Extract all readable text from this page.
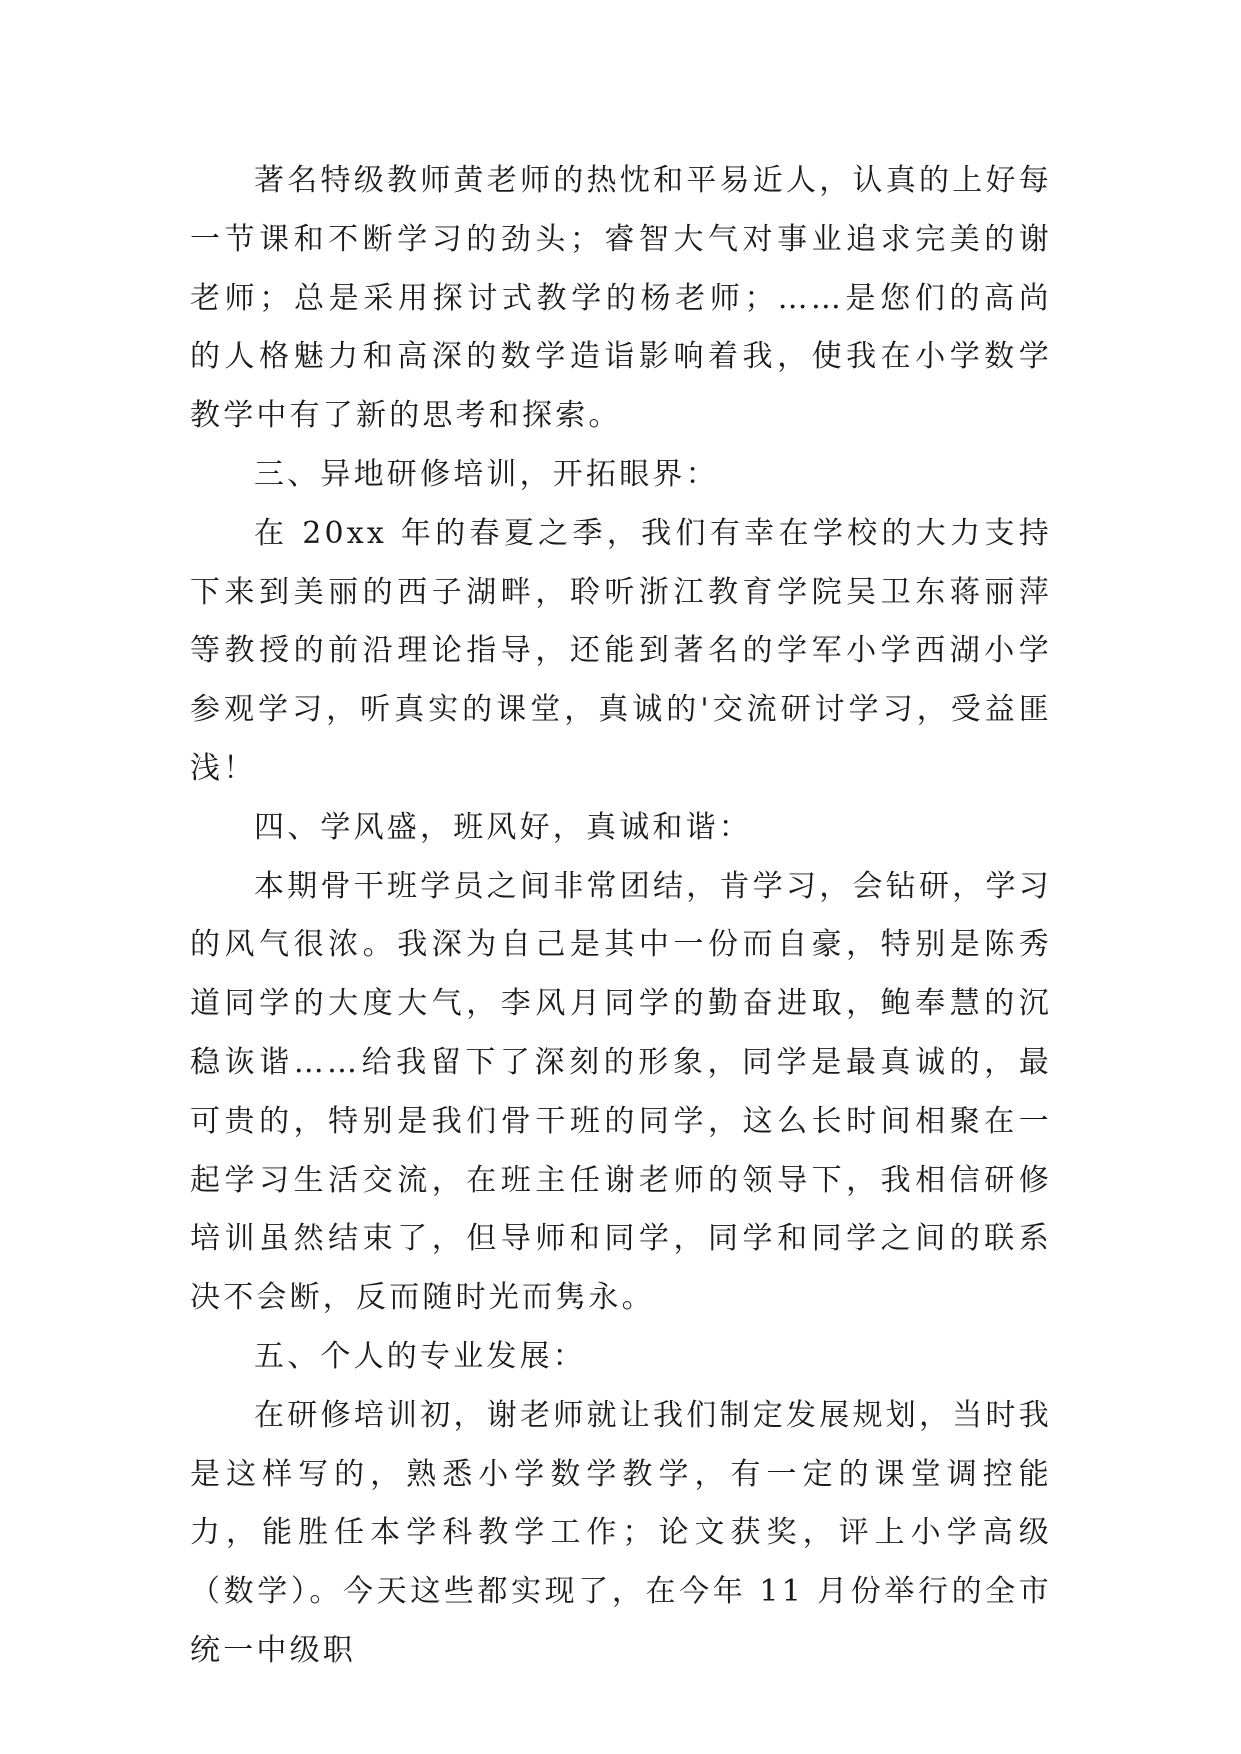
著名特级教师黄老师的热忱和平易近人，认真的上好每一节课和不断学习的劲头；睿智大气对事业追求完美的谢老师；总是采用探讨式教学的杨老师；……是您们的高尚的人格魅力和高深的数学造诣影响着我，使我在小学数学教学中有了新的思考和探索。

三、异地研修培训，开拓眼界：

在 20xx 年的春夏之季，我们有幸在学校的大力支持下来到美丽的西子湖畔，聆听浙江教育学院吴卫东蒋丽萍等教授的前沿理论指导，还能到著名的学军小学西湖小学参观学习，听真实的课堂，真诚的'交流研讨学习，受益匪浅！

四、学风盛，班风好，真诚和谐：

本期骨干班学员之间非常团结，肯学习，会钻研，学习的风气很浓。我深为自己是其中一份而自豪，特别是陈秀道同学的大度大气，李风月同学的勤奋进取，鲍奉慧的沉稳诙谐……给我留下了深刻的形象，同学是最真诚的，最可贵的，特别是我们骨干班的同学，这么长时间相聚在一起学习生活交流，在班主任谢老师的领导下，我相信研修培训虽然结束了，但导师和同学，同学和同学之间的联系决不会断，反而随时光而隽永。

五、个人的专业发展：

在研修培训初，谢老师就让我们制定发展规划，当时我是这样写的，熟悉小学数学教学，有一定的课堂调控能力，能胜任本学科教学工作；论文获奖，评上小学高级（数学）。今天这些都实现了，在今年 11 月份举行的全市统一中级职
